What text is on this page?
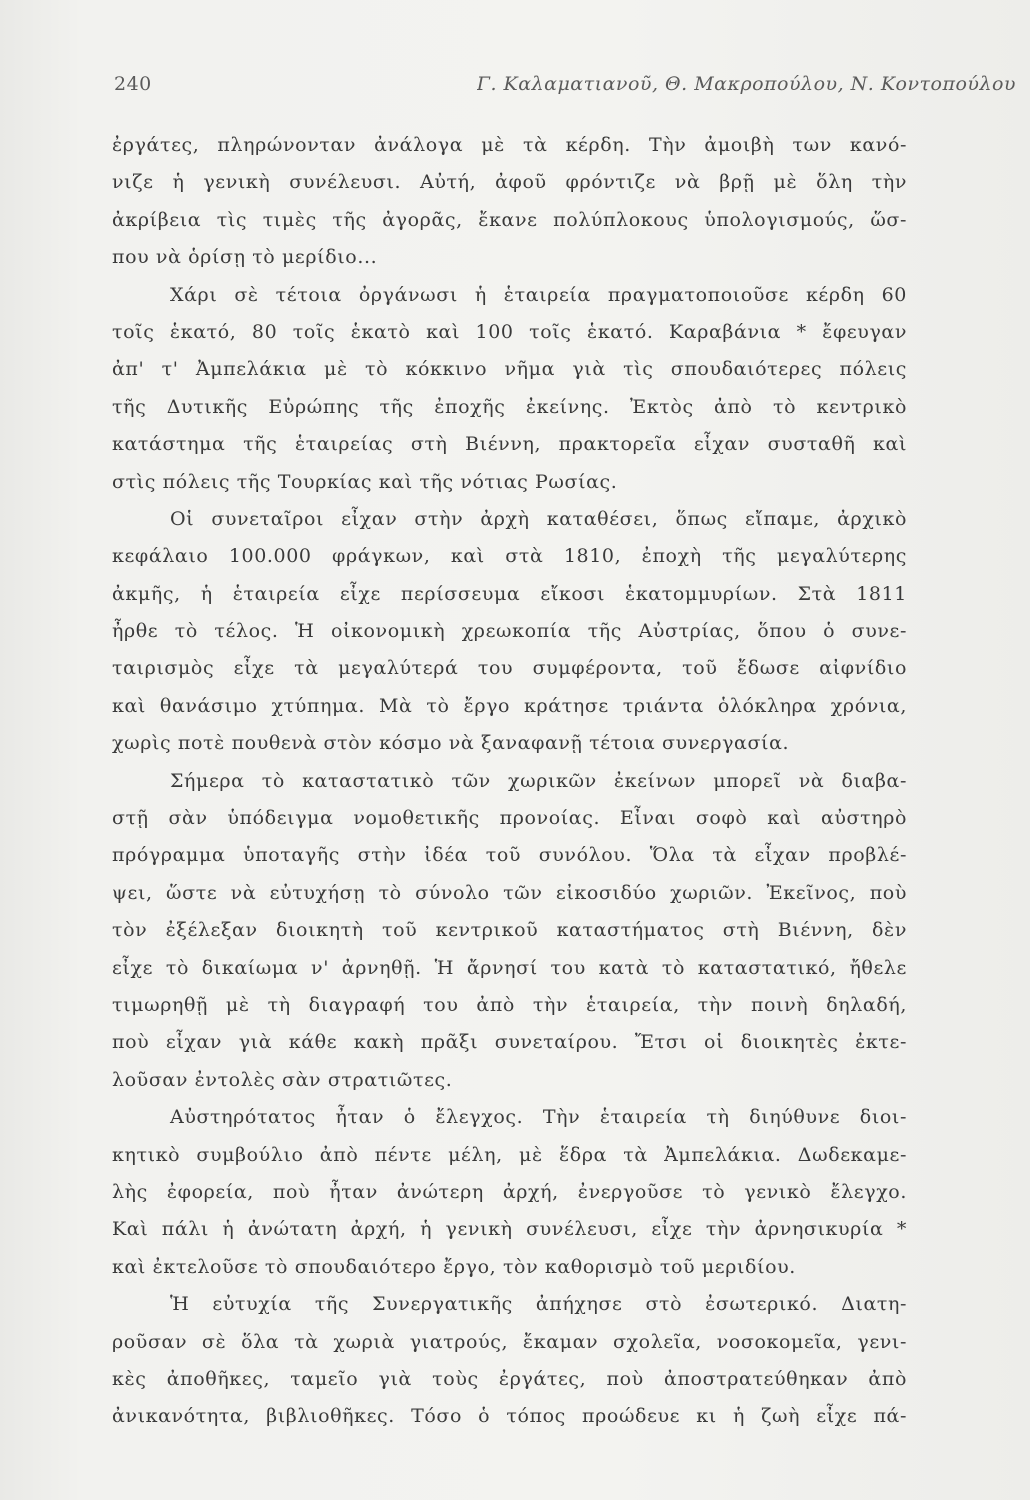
240	Γ. Καλαματιανοῦ, Θ. Μακροπούλου, Ν. Κοντοπούλου
ἐργάτες, πληρώνονταν ἀνάλογα μὲ τὰ κέρδη. Τὴν ἀμοιβὴ των κανό-
νιζε ἡ γενικὴ συνέλευσι. Αὐτή, ἀφοῦ φρόντιζε νὰ βρῇ μὲ ὅλη τὴν
ἀκρίβεια τὶς τιμὲς τῆς ἀγορᾶς, ἔκανε πολύπλοκους ὑπολογισμούς, ὥσ-
που νὰ ὁρίσῃ τὸ μερίδιο...
Χάρι σὲ τέτοια ὀργάνωσι ἡ ἑταιρεία πραγματοποιοῦσε κέρδη 60
τοῖς ἑκατό, 80 τοῖς ἑκατὸ καὶ 100 τοῖς ἑκατό. Καραβάνια * ἔφευγαν
ἀπ' τ' Ἀμπελάκια μὲ τὸ κόκκινο νῆμα γιὰ τὶς σπουδαιότερες πόλεις
τῆς Δυτικῆς Εὐρώπης τῆς ἐποχῆς ἐκείνης. Ἐκτὸς ἀπὸ τὸ κεντρικὸ
κατάστημα τῆς ἑταιρείας στὴ Βιέννη, πρακτορεῖα εἶχαν συσταθῆ καὶ
στὶς πόλεις τῆς Τουρκίας καὶ τῆς νότιας Ρωσίας.
Οἱ συνεταῖροι εἶχαν στὴν ἀρχὴ καταθέσει, ὅπως εἴπαμε, ἀρχικὸ
κεφάλαιο 100.000 φράγκων, καὶ στὰ 1810, ἐποχὴ τῆς μεγαλύτερης
ἀκμῆς, ἡ ἑταιρεία εἶχε περίσσευμα εἴκοσι ἑκατομμυρίων. Στὰ 1811
ἦρθε τὸ τέλος. Ἡ οἰκονομικὴ χρεωκοπία τῆς Αὐστρίας, ὅπου ὁ συνε-
ταιρισμὸς εἶχε τὰ μεγαλύτερά του συμφέροντα, τοῦ ἔδωσε αἰφνίδιο
καὶ θανάσιμο χτύπημα. Μὰ τὸ ἔργο κράτησε τριάντα ὁλόκληρα χρόνια,
χωρὶς ποτὲ πουθενὰ στὸν κόσμο νὰ ξαναφανῇ τέτοια συνεργασία.
Σήμερα τὸ καταστατικὸ τῶν χωρικῶν ἐκείνων μπορεῖ νὰ διαβα-
στῇ σὰν ὑπόδειγμα νομοθετικῆς προνοίας. Εἶναι σοφὸ καὶ αὐστηρὸ
πρόγραμμα ὑποταγῆς στὴν ἰδέα τοῦ συνόλου. Ὅλα τὰ εἶχαν προβλέ-
ψει, ὥστε νὰ εὐτυχήσῃ τὸ σύνολο τῶν εἰκοσιδύο χωριῶν. Ἐκεῖνος, ποὺ
τὸν ἐξέλεξαν διοικητὴ τοῦ κεντρικοῦ καταστήματος στὴ Βιέννη, δὲν
εἶχε τὸ δικαίωμα ν' ἀρνηθῇ. Ἡ ἄρνησί του κατὰ τὸ καταστατικό, ἤθελε
τιμωρηθῇ μὲ τὴ διαγραφή του ἀπὸ τὴν ἑταιρεία, τὴν ποινὴ δηλαδή,
ποὺ εἶχαν γιὰ κάθε κακὴ πρᾶξι συνεταίρου. Ἔτσι οἱ διοικητὲς ἐκτε-
λοῦσαν ἐντολὲς σὰν στρατιῶτες.
Αὐστηρότατος ἦταν ὁ ἔλεγχος. Τὴν ἑταιρεία τὴ διηύθυνε διοι-
κητικὸ συμβούλιο ἀπὸ πέντε μέλη, μὲ ἕδρα τὰ Ἀμπελάκια. Δωδεκαμε-
λὴς ἐφορεία, ποὺ ἦταν ἀνώτερη ἀρχή, ἐνεργοῦσε τὸ γενικὸ ἔλεγχο.
Καὶ πάλι ἡ ἀνώτατη ἀρχή, ἡ γενικὴ συνέλευσι, εἶχε τὴν ἀρνησικυρία *
καὶ ἐκτελοῦσε τὸ σπουδαιότερο ἔργο, τὸν καθορισμὸ τοῦ μεριδίου.
Ἡ εὐτυχία τῆς Συνεργατικῆς ἀπήχησε στὸ ἐσωτερικό. Διατη-
ροῦσαν σὲ ὅλα τὰ χωριὰ γιατρούς, ἔκαμαν σχολεῖα, νοσοκομεῖα, γενι-
κὲς ἀποθῆκες, ταμεῖο γιὰ τοὺς ἐργάτες, ποὺ ἀποστρατεύθηκαν ἀπὸ
ἀνικανότητα, βιβλιοθῆκες. Τόσο ὁ τόπος προώδευε κι ἡ ζωὴ εἶχε πά-
